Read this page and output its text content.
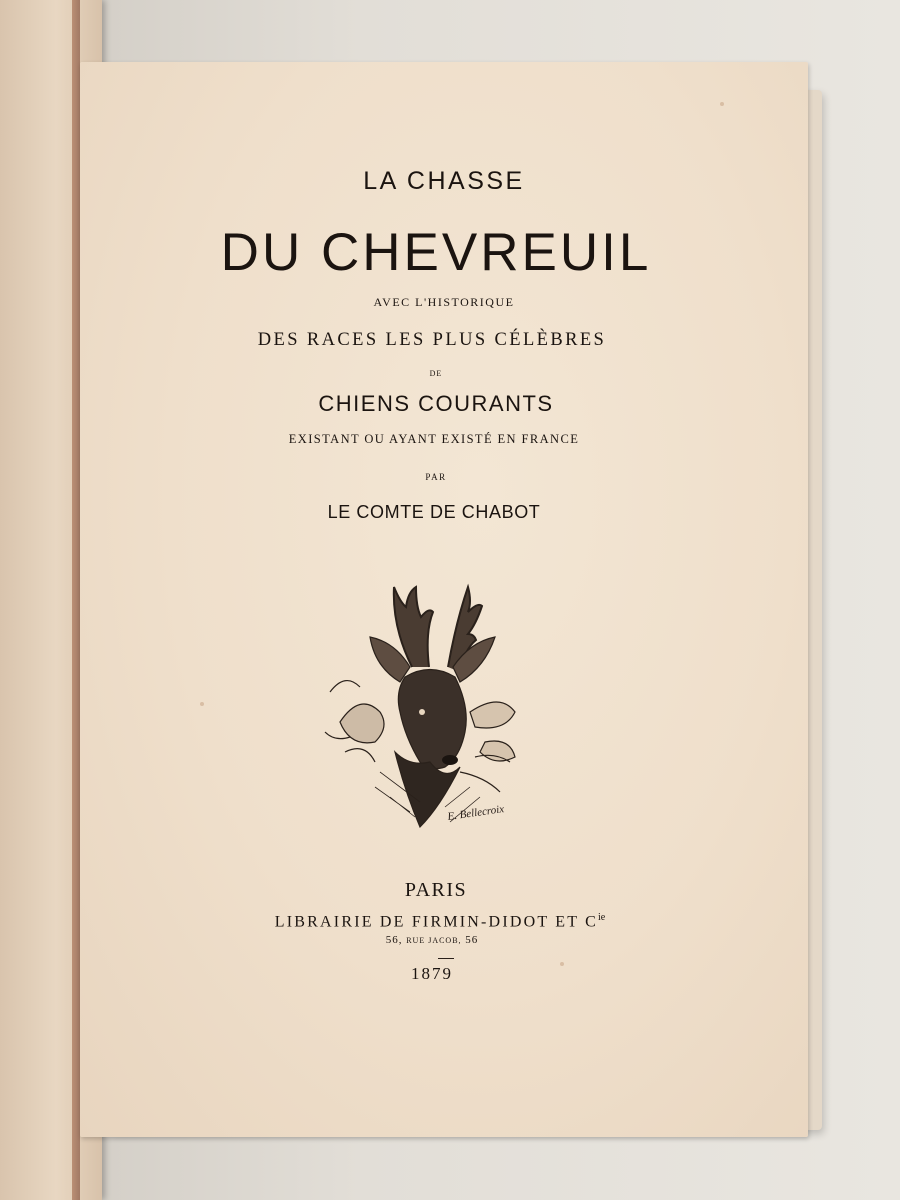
LA CHASSE
DU CHEVREUIL
AVEC L'HISTORIQUE
DES RACES LES PLUS CÉLÈBRES
DE
CHIENS COURANTS
EXISTANT OU AYANT EXISTÉ EN FRANCE
PAR
LE COMTE DE CHABOT
E. Bellecroix
PARIS
LIBRAIRIE DE FIRMIN-DIDOT ET $C^{ie}$
56, RUE JACOB, 56
1879
